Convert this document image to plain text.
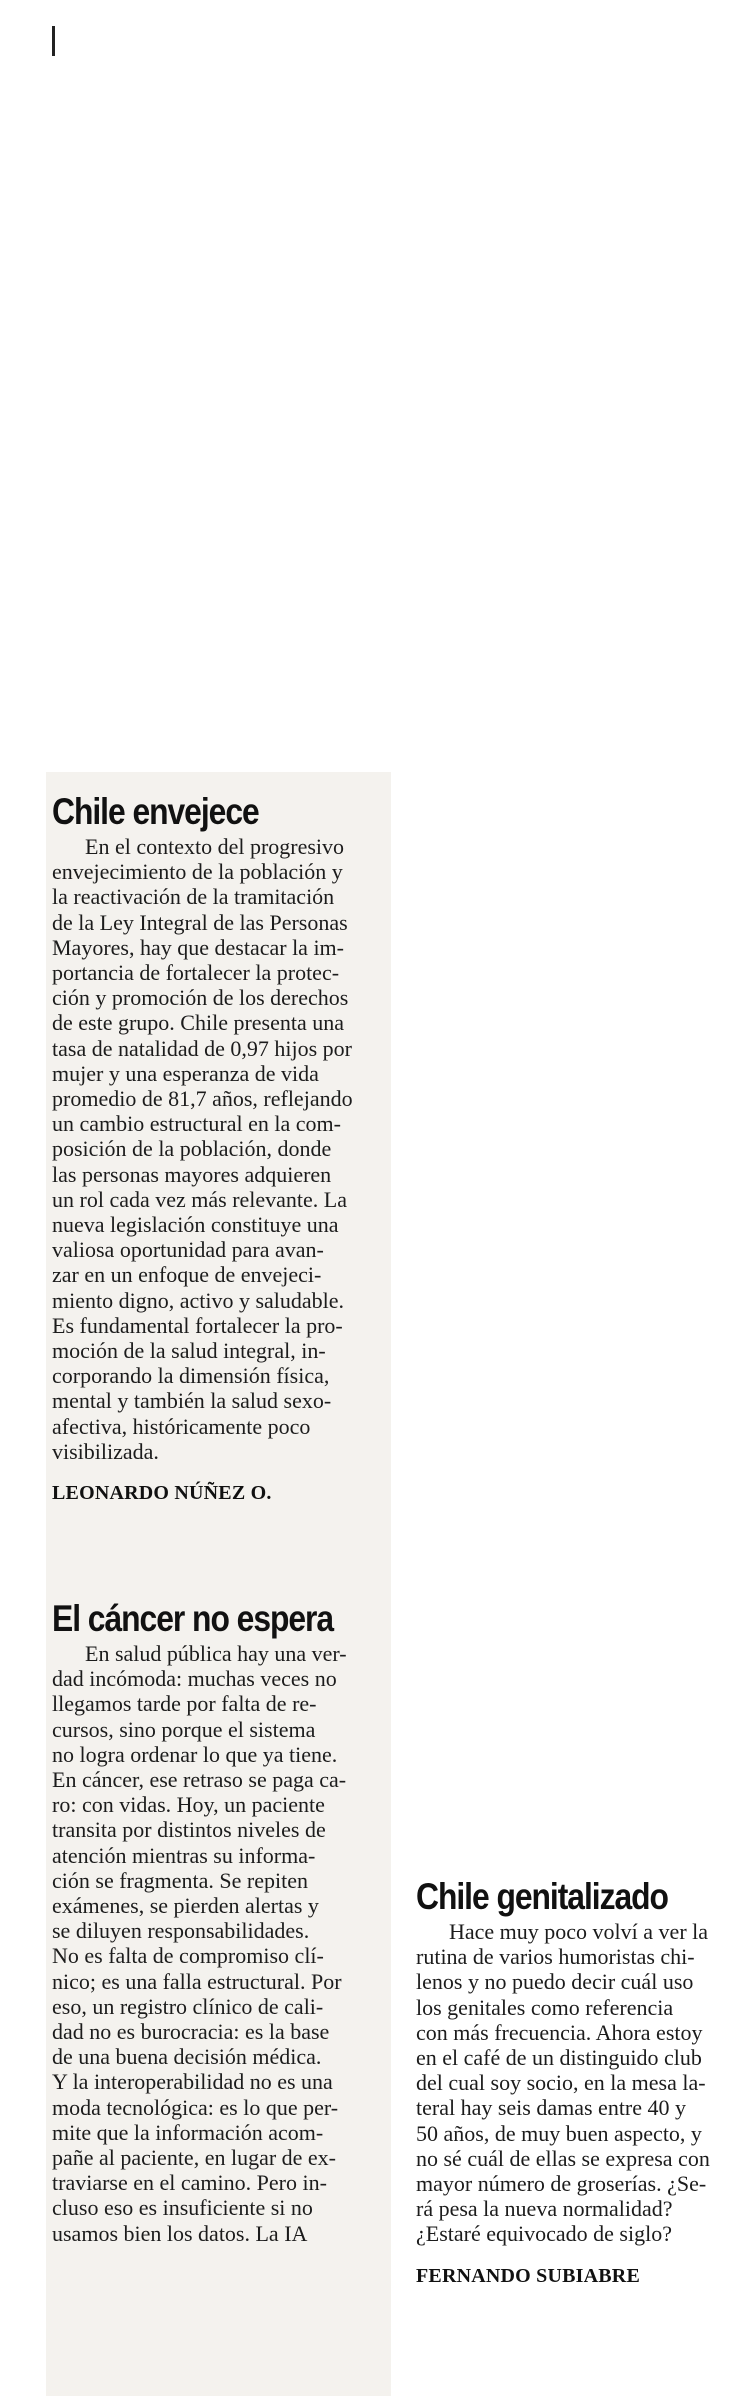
Chile envejece
  En el contexto del progresivo
envejecimiento de la población y
la reactivación de la tramitación
de la Ley Integral de las Personas
Mayores, hay que destacar la im-
portancia de fortalecer la protec-
ción y promoción de los derechos
de este grupo. Chile presenta una
tasa de natalidad de 0,97 hijos por
mujer y una esperanza de vida
promedio de 81,7 años, reflejando
un cambio estructural en la com-
posición de la población, donde
las personas mayores adquieren
un rol cada vez más relevante. La
nueva legislación constituye una
valiosa oportunidad para avan-
zar en un enfoque de envejeci-
miento digno, activo y saludable.
Es fundamental fortalecer la pro-
moción de la salud integral, in-
corporando la dimensión física,
mental y también la salud sexo-
afectiva, históricamente poco
visibilizada.
LEONARDO NÚÑEZ O.
El cáncer no espera
  En salud pública hay una ver-
dad incómoda: muchas veces no
llegamos tarde por falta de re-
cursos, sino porque el sistema
no logra ordenar lo que ya tiene.
En cáncer, ese retraso se paga ca-
ro: con vidas. Hoy, un paciente
transita por distintos niveles de
atención mientras su informa-
ción se fragmenta. Se repiten
exámenes, se pierden alertas y
se diluyen responsabilidades.
No es falta de compromiso clí-
nico; es una falla estructural. Por
eso, un registro clínico de cali-
dad no es burocracia: es la base
de una buena decisión médica.
Y la interoperabilidad no es una
moda tecnológica: es lo que per-
mite que la información acom-
pañe al paciente, en lugar de ex-
traviarse en el camino. Pero in-
cluso eso es insuficiente si no
usamos bien los datos. La IA
Chile genitalizado
  Hace muy poco volví a ver la
rutina de varios humoristas chi-
lenos y no puedo decir cuál uso
los genitales como referencia
con más frecuencia. Ahora estoy
en el café de un distinguido club
del cual soy socio, en la mesa la-
teral hay seis damas entre 40 y
50 años, de muy buen aspecto, y
no sé cuál de ellas se expresa con
mayor número de groserías. ¿Se-
rá pesa la nueva normalidad?
¿Estaré equivocado de siglo?
FERNANDO SUBIABRE
